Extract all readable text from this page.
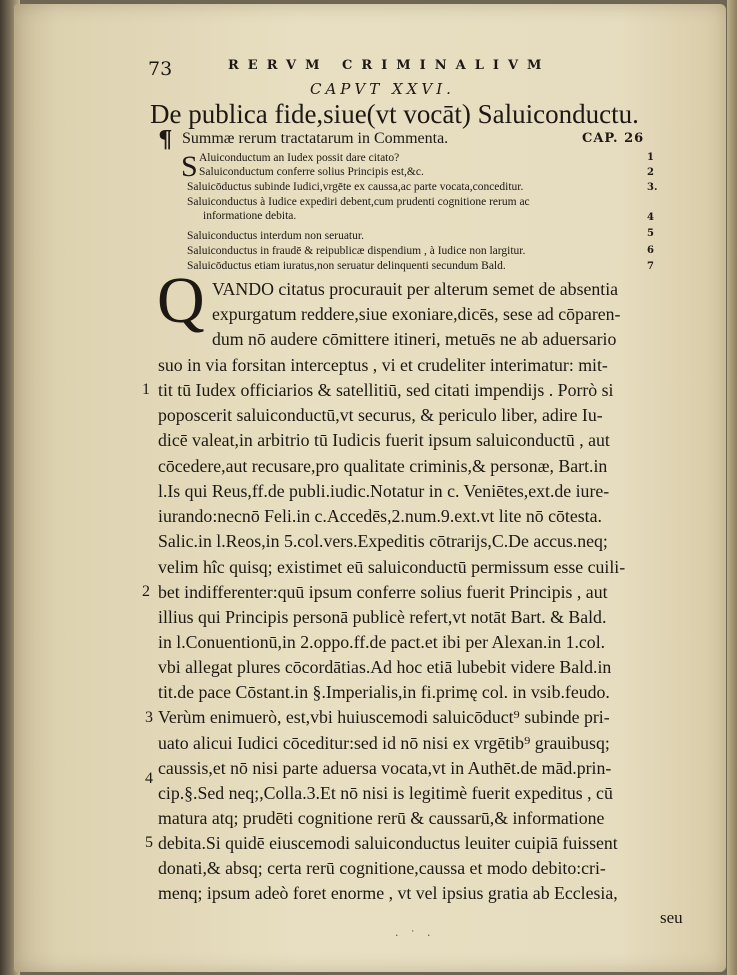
73	RERVM CRIMINALIVM
CAPVT XXVI.
De publica fide,siue(vt vocāt) Saluiconductu.
¶ Summæ rerum tractatarum in Commenta.	CAP. 26
S Aluiconductum an Iudex possit dare citato?	1
Saluiconductum conferre solius Principis est,&c.	2
Saluicōductus subinde Iudici,vrgēte ex caussa,ac parte vocata,conceditur.	3.
Saluiconductus à Iudice expediri debent,cum prudenti cognitione rerum ac
informatione debita.	4
Saluiconductus interdum non seruatur.	5
Saluiconductus in fraudē & reipublicæ dispendium , à Iudice non largitur.	6
Saluicōductus etiam iuratus,non seruatur delinquenti secundum Bald.	7
Q VANDO citatus procurauit per alterum semet de absentia
expurgatum reddere,siue exoniare,dicēs, sese ad cōparen-
dum nō audere cōmittere itineri, metuēs ne ab aduersario
suo in via forsitan interceptus , vi et crudeliter interimatur: mit-
tit tū Iudex officiarios & satellitiū, sed citati impendijs . Porrò si
poposcerit saluiconductū,vt securus, & periculo liber, adire Iu-
dicē valeat,in arbitrio tū Iudicis fuerit ipsum saluiconductū , aut
cōcedere,aut recusare,pro qualitate criminis,& personæ, Bart.in
l.Is qui Reus,ff.de publi.iudic.Notatur in c. Veniētes,ext.de iure-
iurando:necnō Feli.in c.Accedēs,2.num.9.ext.vt lite nō cōtesta.
Salic.in l.Reos,in 5.col.vers.Expeditis cōtrarijs,C.De accus.neq;
velim hîc quisq; existimet eū saluiconductū permissum esse cuili-
bet indifferenter:quū ipsum conferre solius fuerit Principis , aut
illius qui Principis personā publicè refert,vt notāt Bart. & Bald.
in l.Conuentionū,in 2.oppo.ff.de pact.et ibi per Alexan.in 1.col.
vbi allegat plures cōcordātias.Ad hoc etiā lubebit videre Bald.in
tit.de pace Cōstant.in §.Imperialis,in fi.primę col. in vsib.feudo.
Verùm enimuerò, est,vbi huiuscemodi saluicōduct⁹ subinde pri-
uato alicui Iudici cōceditur:sed id nō nisi ex vrgētib⁹ grauibusq;
caussis,et nō nisi parte aduersa vocata,vt in Authēt.de mād.prin-
cip.§.Sed neq;,Colla.3.Et nō nisi is legitimè fuerit expeditus , cū
matura atq; prudēti cognitione rerū & caussarū,& informatione
debita.Si quidē eiuscemodi saluiconductus leuiter cuipiā fuissent
donati,& absq; certa rerū cognitione,caussa et modo debito:cri-
menq; ipsum adeò foret enorme , vt vel ipsius gratia ab Ecclesia,
1
2
3
4
5
seu
· ˙ ·
